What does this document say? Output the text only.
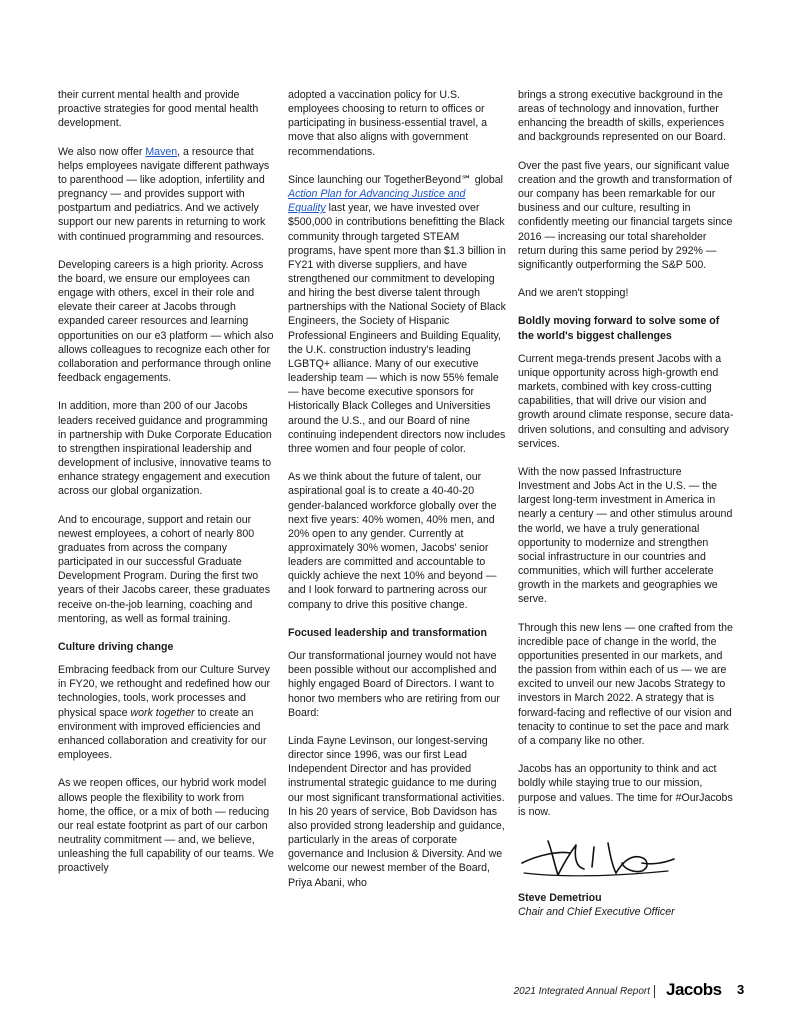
their current mental health and provide proactive strategies for good mental health development.

We also now offer Maven, a resource that helps employees navigate different pathways to parenthood — like adoption, infertility and pregnancy — and provides support with postpartum and pediatrics. And we actively support our new parents in returning to work with continued programming and resources.

Developing careers is a high priority. Across the board, we ensure our employees can engage with others, excel in their role and elevate their career at Jacobs through expanded career resources and learning opportunities on our e3 platform — which also allows colleagues to recognize each other for collaboration and performance through online feedback engagements.

In addition, more than 200 of our Jacobs leaders received guidance and programming in partnership with Duke Corporate Education to strengthen inspirational leadership and development of inclusive, innovative teams to enhance strategy engagement and execution across our global organization.

And to encourage, support and retain our newest employees, a cohort of nearly 800 graduates from across the company participated in our successful Graduate Development Program. During the first two years of their Jacobs career, these graduates receive on-the-job learning, coaching and mentoring, as well as formal training.

Culture driving change

Embracing feedback from our Culture Survey in FY20, we rethought and redefined how our technologies, tools, work processes and physical space work together to create an environment with improved efficiencies and enhanced collaboration and creativity for our employees.

As we reopen offices, our hybrid work model allows people the flexibility to work from home, the office, or a mix of both — reducing our real estate footprint as part of our carbon neutrality commitment — and, we believe, unleashing the full capability of our teams. We proactively

adopted a vaccination policy for U.S. employees choosing to return to offices or participating in business-essential travel, a move that also aligns with government recommendations.

Since launching our TogetherBeyond℠ global Action Plan for Advancing Justice and Equality last year, we have invested over $500,000 in contributions benefitting the Black community through targeted STEAM programs, have spent more than $1.3 billion in FY21 with diverse suppliers, and have strengthened our commitment to developing and hiring the best diverse talent through partnerships with the National Society of Black Engineers, the Society of Hispanic Professional Engineers and Building Equality, the U.K. construction industry's leading LGBTQ+ alliance. Many of our executive leadership team — which is now 55% female — have become executive sponsors for Historically Black Colleges and Universities around the U.S., and our Board of nine continuing independent directors now includes three women and four people of color.

As we think about the future of talent, our aspirational goal is to create a 40-40-20 gender-balanced workforce globally over the next five years: 40% women, 40% men, and 20% open to any gender. Currently at approximately 30% women, Jacobs' senior leaders are committed and accountable to quickly achieve the next 10% and beyond — and I look forward to partnering across our company to drive this positive change.

Focused leadership and transformation

Our transformational journey would not have been possible without our accomplished and highly engaged Board of Directors. I want to honor two members who are retiring from our Board:

Linda Fayne Levinson, our longest-serving director since 1996, was our first Lead Independent Director and has provided instrumental strategic guidance to me during our most significant transformational activities. In his 20 years of service, Bob Davidson has also provided strong leadership and guidance, particularly in the areas of corporate governance and Inclusion & Diversity. And we welcome our newest member of the Board, Priya Abani, who

brings a strong executive background in the areas of technology and innovation, further enhancing the breadth of skills, experiences and backgrounds represented on our Board.

Over the past five years, our significant value creation and the growth and transformation of our company has been remarkable for our business and our culture, resulting in confidently meeting our financial targets since 2016 — increasing our total shareholder return during this same period by 292% — significantly outperforming the S&P 500.

And we aren't stopping!

Boldly moving forward to solve some of the world's biggest challenges

Current mega-trends present Jacobs with a unique opportunity across high-growth end markets, combined with key cross-cutting capabilities, that will drive our vision and growth around climate response, secure data-driven solutions, and consulting and advisory services.

With the now passed Infrastructure Investment and Jobs Act in the U.S. — the largest long-term investment in America in nearly a century — and other stimulus around the world, we have a truly generational opportunity to modernize and strengthen social infrastructure in our countries and communities, which will further accelerate growth in the markets and geographies we serve.

Through this new lens — one crafted from the incredible pace of change in the world, the opportunities presented in our markets, and the passion from within each of us — we are excited to unveil our new Jacobs Strategy to investors in March 2022. A strategy that is forward-facing and reflective of our vision and tenacity to continue to set the pace and mark of a company like no other.

Jacobs has an opportunity to think and act boldly while staying true to our mission, purpose and values. The time for #OurJacobs is now.

Steve Demetriou
Chair and Chief Executive Officer
2021 Integrated Annual Report Jacobs 3
